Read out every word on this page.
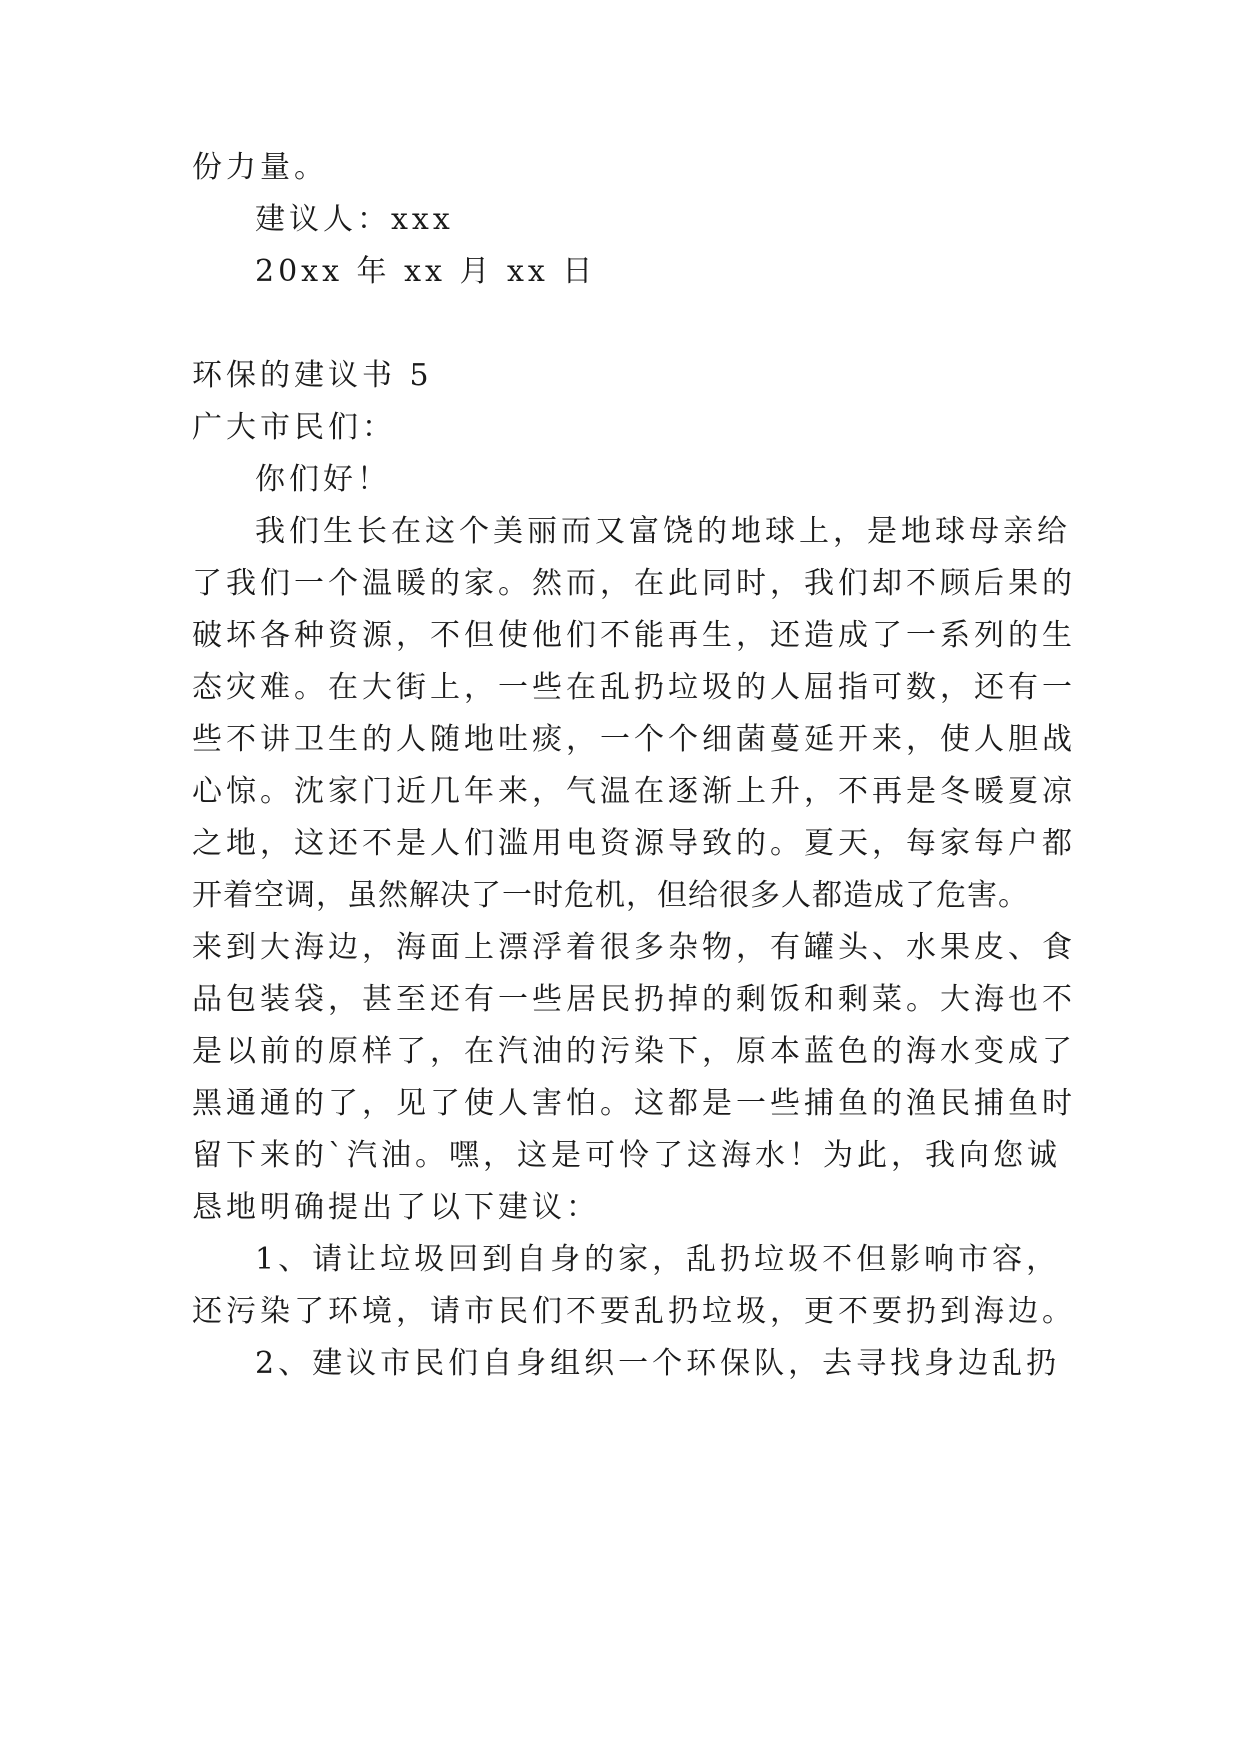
份力量。
建议人：xxx
20xx 年 xx 月 xx 日
环保的建议书 5
广大市民们：
你们好！
我们生长在这个美丽而又富饶的地球上，是地球母亲给
了我们一个温暖的家。然而，在此同时，我们却不顾后果的
破坏各种资源，不但使他们不能再生，还造成了一系列的生
态灾难。在大街上，一些在乱扔垃圾的人屈指可数，还有一
些不讲卫生的人随地吐痰，一个个细菌蔓延开来，使人胆战
心惊。沈家门近几年来，气温在逐渐上升，不再是冬暖夏凉
之地，这还不是人们滥用电资源导致的。夏天，每家每户都
开着空调，虽然解决了一时危机，但给很多人都造成了危害。
来到大海边，海面上漂浮着很多杂物，有罐头、水果皮、食
品包装袋，甚至还有一些居民扔掉的剩饭和剩菜。大海也不
是以前的原样了，在汽油的污染下，原本蓝色的海水变成了
黑通通的了，见了使人害怕。这都是一些捕鱼的渔民捕鱼时
留下来的`汽油。嘿，这是可怜了这海水！为此，我向您诚
恳地明确提出了以下建议：
1、请让垃圾回到自身的家，乱扔垃圾不但影响市容，
还污染了环境，请市民们不要乱扔垃圾，更不要扔到海边。
2、建议市民们自身组织一个环保队，去寻找身边乱扔
